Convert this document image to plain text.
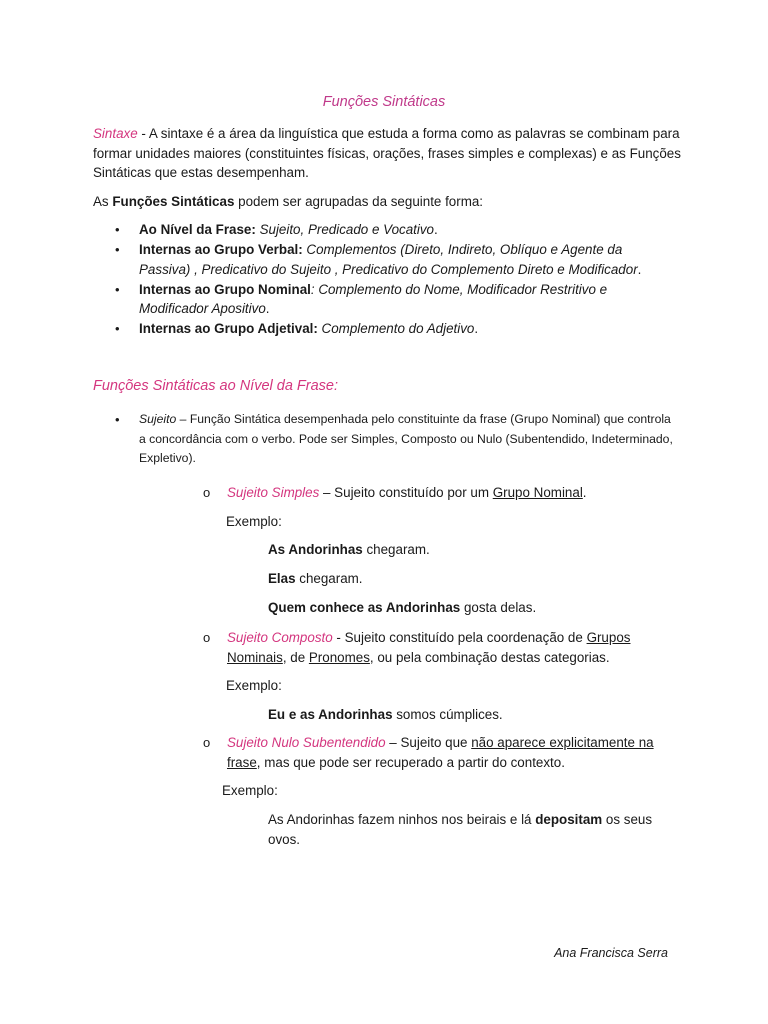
Funções Sintáticas
Sintaxe - A sintaxe é a área da linguística que estuda a forma como as palavras se combinam para formar unidades maiores (constituintes físicas, orações, frases simples e complexas) e as Funções Sintáticas que estas desempenham.
As Funções Sintáticas podem ser agrupadas da seguinte forma:
• Ao Nível da Frase: Sujeito, Predicado e Vocativo.
• Internas ao Grupo Verbal: Complementos (Direto, Indireto, Oblíquo e Agente da Passiva) , Predicativo do Sujeito , Predicativo do Complemento Direto e Modificador.
• Internas ao Grupo Nominal: Complemento do Nome, Modificador Restritivo e Modificador Apositivo.
• Internas ao Grupo Adjetival: Complemento do Adjetivo.
Funções Sintáticas ao Nível da Frase:
• Sujeito – Função Sintática desempenhada pelo constituinte da frase (Grupo Nominal) que controla a concordância com o verbo. Pode ser Simples, Composto ou Nulo (Subentendido, Indeterminado, Expletivo).
o Sujeito Simples – Sujeito constituído por um Grupo Nominal.
Exemplo:
As Andorinhas chegaram.
Elas chegaram.
Quem conhece as Andorinhas gosta delas.
o Sujeito Composto - Sujeito constituído pela coordenação de Grupos Nominais, de Pronomes, ou pela combinação destas categorias.
Exemplo:
Eu e as Andorinhas somos cúmplices.
o Sujeito Nulo Subentendido – Sujeito que não aparece explicitamente na frase, mas que pode ser recuperado a partir do contexto.
Exemplo:
As Andorinhas fazem ninhos nos beirais e lá depositam os seus ovos.
Ana Francisca Serra
